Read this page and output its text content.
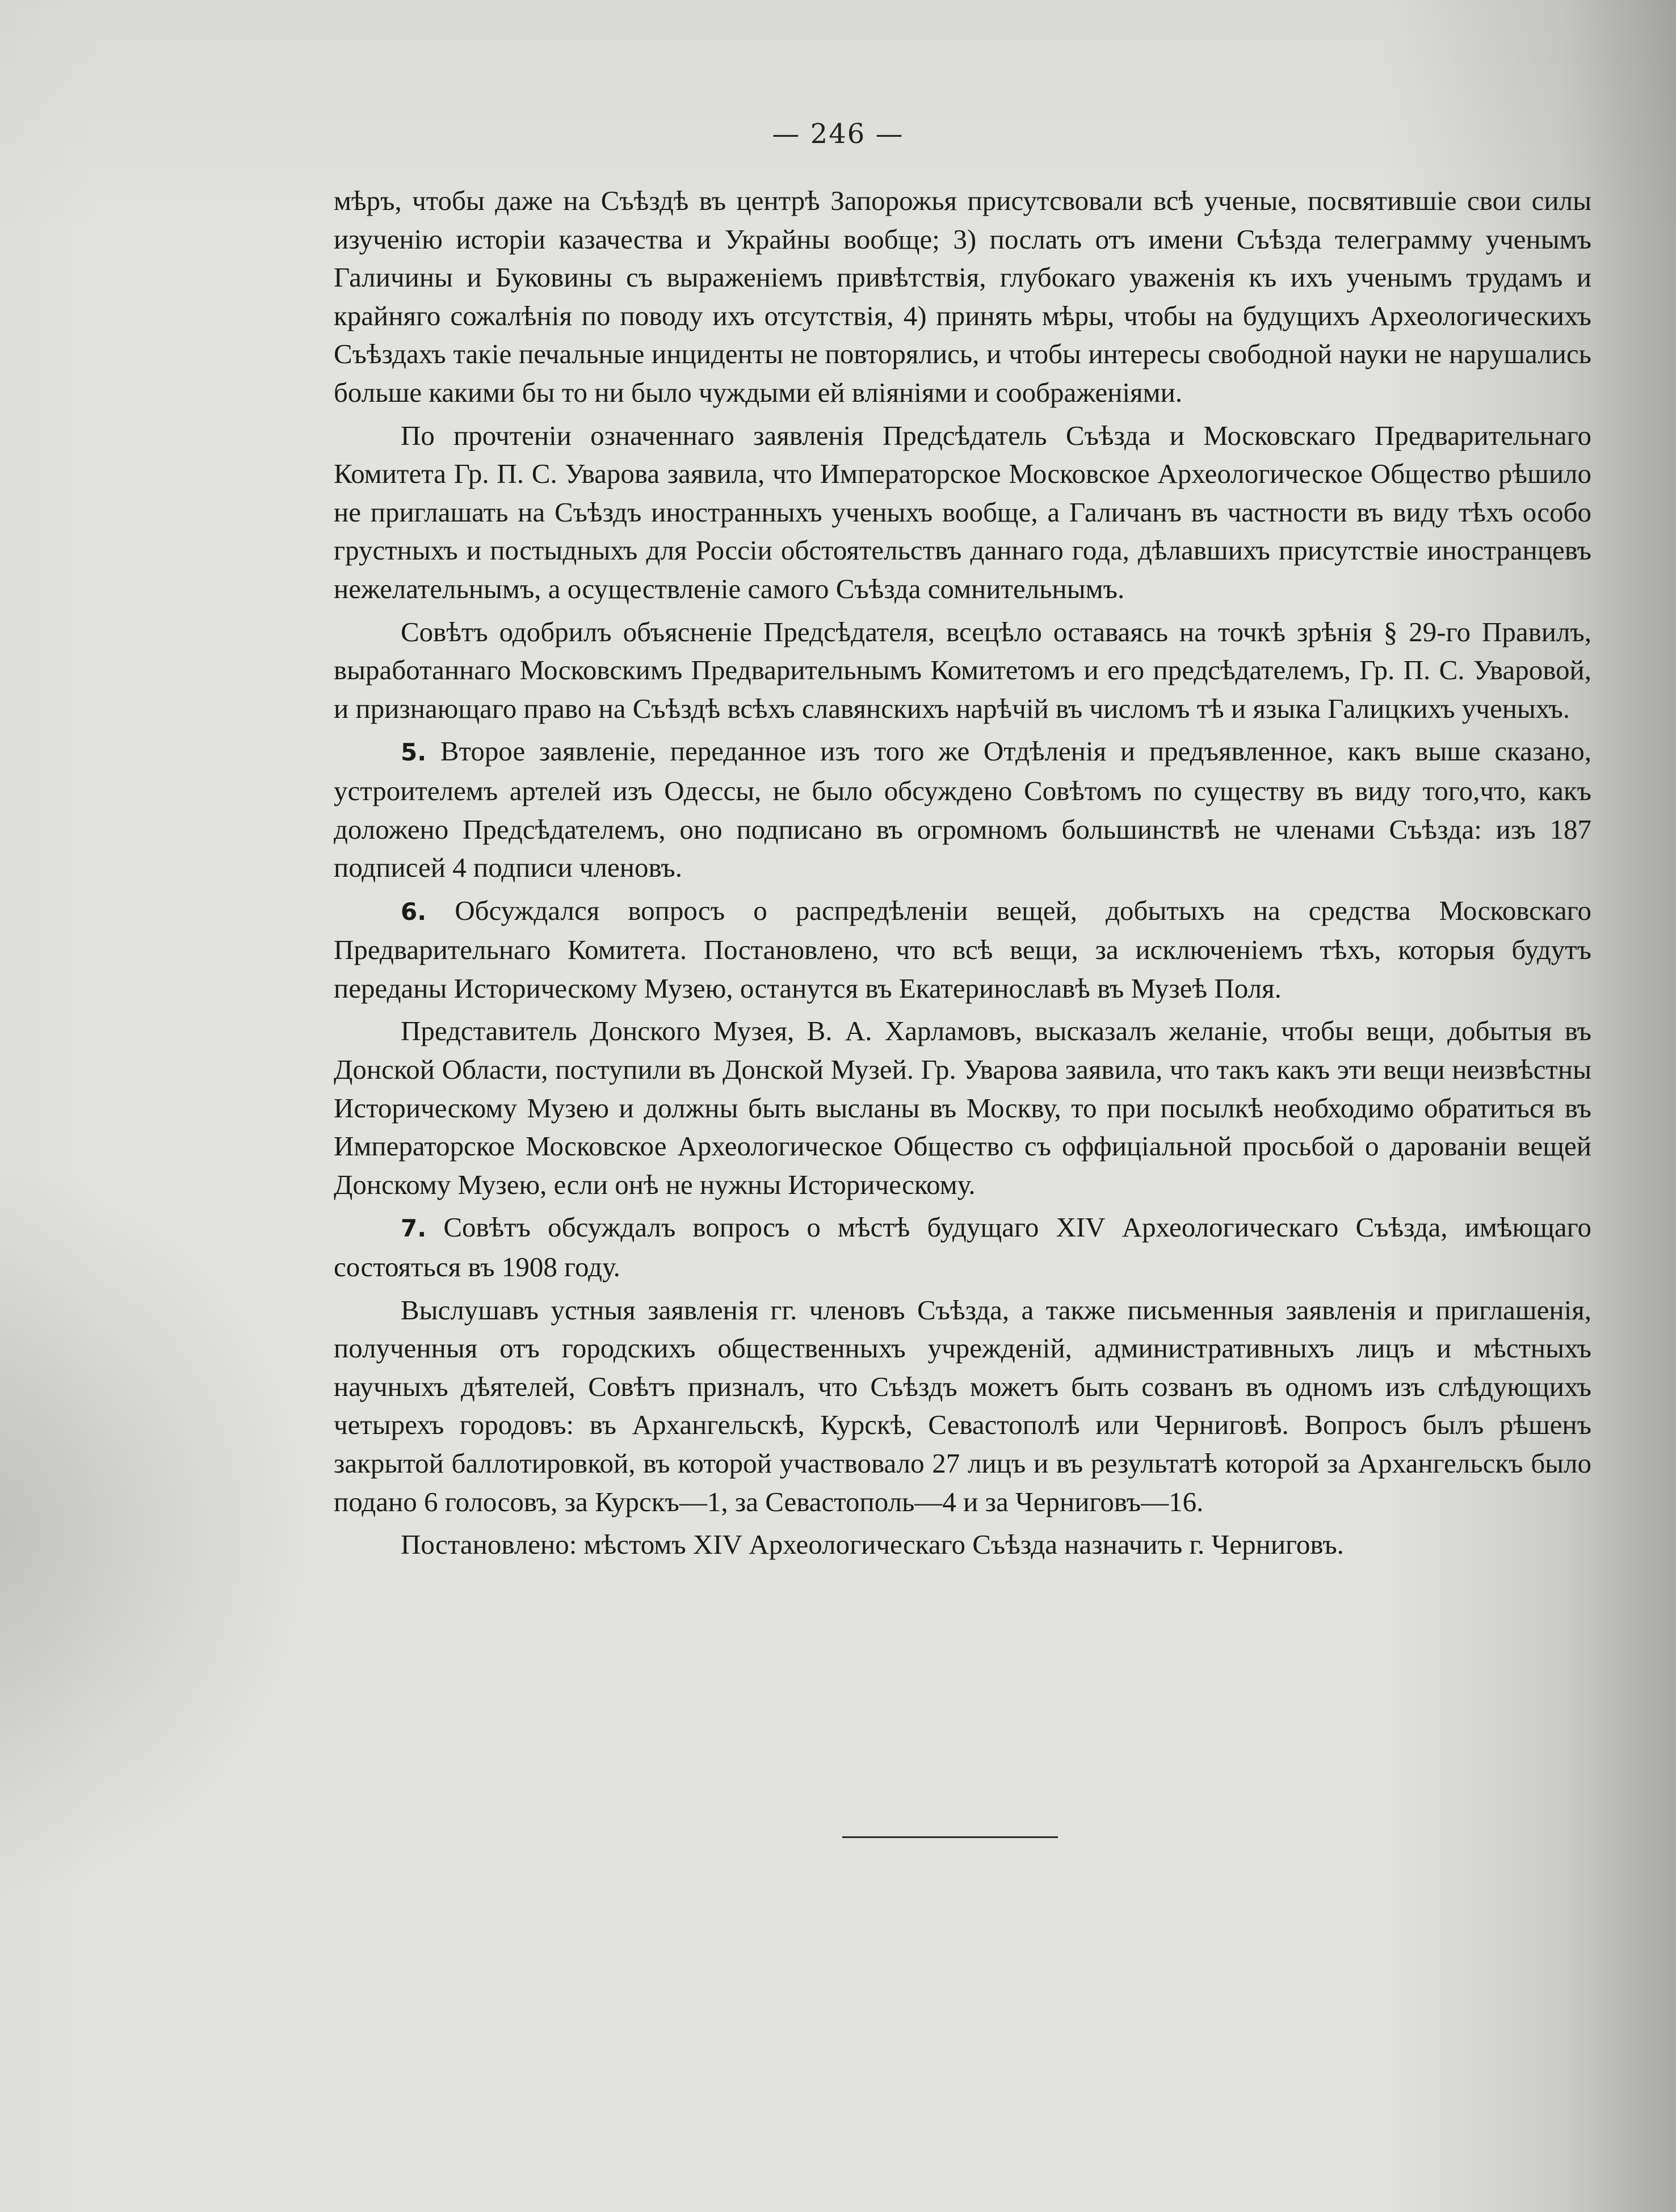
— 246 —

мѣръ, чтобы даже на Съѣздѣ въ центрѣ Запорожья присутсвовали всѣ ученые, посвятившіе свои силы изученію исторіи казачества и Украйны вообще; 3) послать отъ имени Съѣзда телеграмму ученымъ Галичины и Буковины съ выраженіемъ привѣтствія, глубокаго уваженія къ ихъ ученымъ трудамъ и крайняго сожалѣнія по поводу ихъ отсутствія, 4) принять мѣры, чтобы на будущихъ Археологическихъ Съѣздахъ такіе печальные инциденты не повторялись, и чтобы интересы свободной науки не нарушались больше какими бы то ни было чуждыми ей вліяніями и соображеніями.

По прочтеніи означеннаго заявленія Предсѣдатель Съѣзда и Московскаго Предварительнаго Комитета Гр. П. С. Уварова заявила, что Императорское Московское Археологическое Общество рѣшило не приглашать на Съѣздъ иностранныхъ ученыхъ вообще, а Галичанъ въ частности въ виду тѣхъ особо грустныхъ и постыдныхъ для Россіи обстоятельствъ даннаго года, дѣлавшихъ присутствіе иностранцевъ нежелательнымъ, а осуществленіе самого Съѣзда сомнительнымъ.

Совѣтъ одобрилъ объясненіе Предсѣдателя, всецѣло оставаясь на точкѣ зрѣнія § 29-го Правилъ, выработаннаго Московскимъ Предварительнымъ Комитетомъ и его предсѣдателемъ, Гр. П. С. Уваровой, и признающаго право на Съѣздѣ всѣхъ славянскихъ нарѣчій въ числомъ тѣ и языка Галицкихъ ученыхъ.

5. Второе заявленіе, переданное изъ того же Отдѣленія и предъявленное, какъ выше сказано, устроителемъ артелей изъ Одессы, не было обсуждено Совѣтомъ по существу въ виду того,что, какъ доложено Предсѣдателемъ, оно подписано въ огромномъ большинствѣ не членами Съѣзда: изъ 187 подписей 4 подписи членовъ.

6. Обсуждался вопросъ о распредѣленіи вещей, добытыхъ на средства Московскаго Предварительнаго Комитета. Постановлено, что всѣ вещи, за исключеніемъ тѣхъ, которыя будутъ переданы Историческому Музею, останутся въ Екатеринославѣ въ Музеѣ Поля.

Представитель Донского Музея, В. А. Харламовъ, высказалъ желаніе, чтобы вещи, добытыя въ Донской Области, поступили въ Донской Музей. Гр. Уварова заявила, что такъ какъ эти вещи неизвѣстны Историческому Музею и должны быть высланы въ Москву, то при посылкѣ необходимо обратиться въ Императорское Московское Археологическое Общество съ оффиціальной просьбой о дарованіи вещей Донскому Музею, если онѣ не нужны Историческому.

7. Совѣтъ обсуждалъ вопросъ о мѣстѣ будущаго XIV Археологическаго Съѣзда, имѣющаго состояться въ 1908 году.

Выслушавъ устныя заявленія гг. членовъ Съѣзда, а также письменныя заявленія и приглашенія, полученныя отъ городскихъ общественныхъ учрежденій, административныхъ лицъ и мѣстныхъ научныхъ дѣятелей, Совѣтъ призналъ, что Съѣздъ можетъ быть созванъ въ одномъ изъ слѣдующихъ четырехъ городовъ: въ Архангельскѣ, Курскѣ, Севастополѣ или Черниговѣ. Вопросъ былъ рѣшенъ закрытой баллотировкой, въ которой участвовало 27 лицъ и въ результатѣ которой за Архангельскъ было подано 6 голосовъ, за Курскъ—1, за Севастополь—4 и за Черниговъ—16.

Постановлено: мѣстомъ XIV Археологическаго Съѣзда назначить г. Черниговъ.
